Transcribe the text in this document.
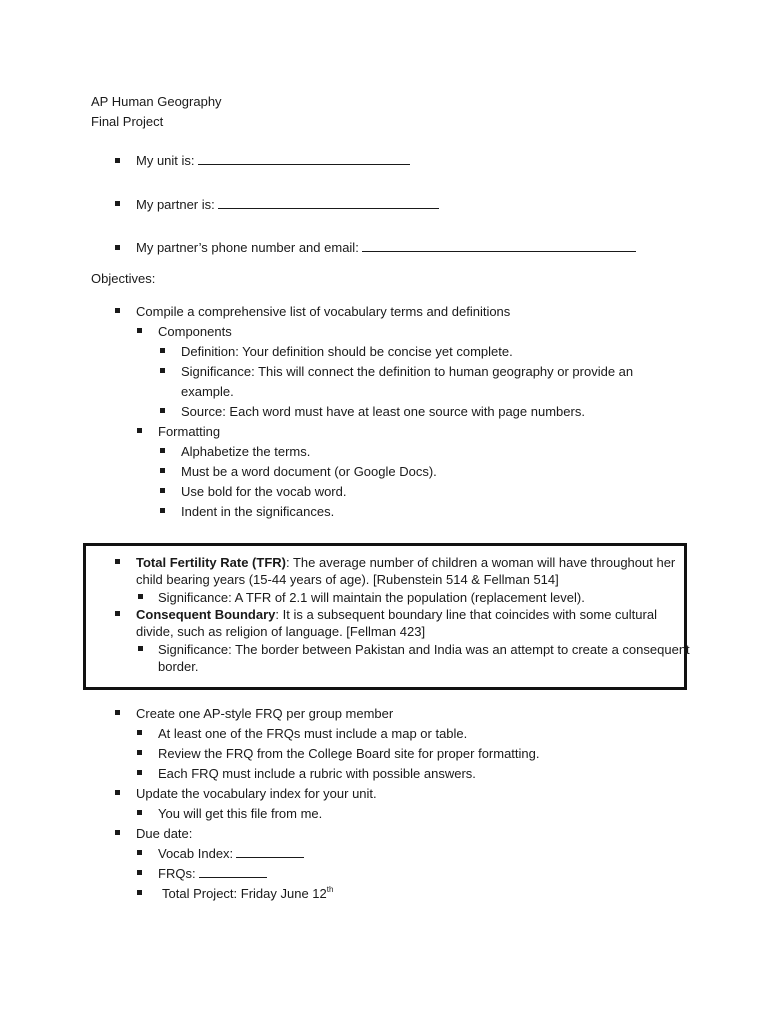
AP Human Geography
Final Project
My unit is:
My partner is:
My partner’s phone number and email:
Objectives:
Compile a comprehensive list of vocabulary terms and definitions
Components
Definition: Your definition should be concise yet complete.
Significance: This will connect the definition to human geography or provide an
example.
Source: Each word must have at least one source with page numbers.
Formatting
Alphabetize the terms.
Must be a word document (or Google Docs).
Use bold for the vocab word.
Indent in the significances.
Total Fertility Rate (TFR): The average number of children a woman will have throughout her
child bearing years (15-44 years of age). [Rubenstein 514 & Fellman 514]
Significance: A TFR of 2.1 will maintain the population (replacement level).
Consequent Boundary: It is a subsequent boundary line that coincides with some cultural
divide, such as religion of language. [Fellman 423]
Significance: The border between Pakistan and India was an attempt to create a consequent
border.
Create one AP-style FRQ per group member
At least one of the FRQs must include a map or table.
Review the FRQ from the College Board site for proper formatting.
Each FRQ must include a rubric with possible answers.
Update the vocabulary index for your unit.
You will get this file from me.
Due date:
Vocab Index:
FRQs:
Total Project: Friday June 12th
